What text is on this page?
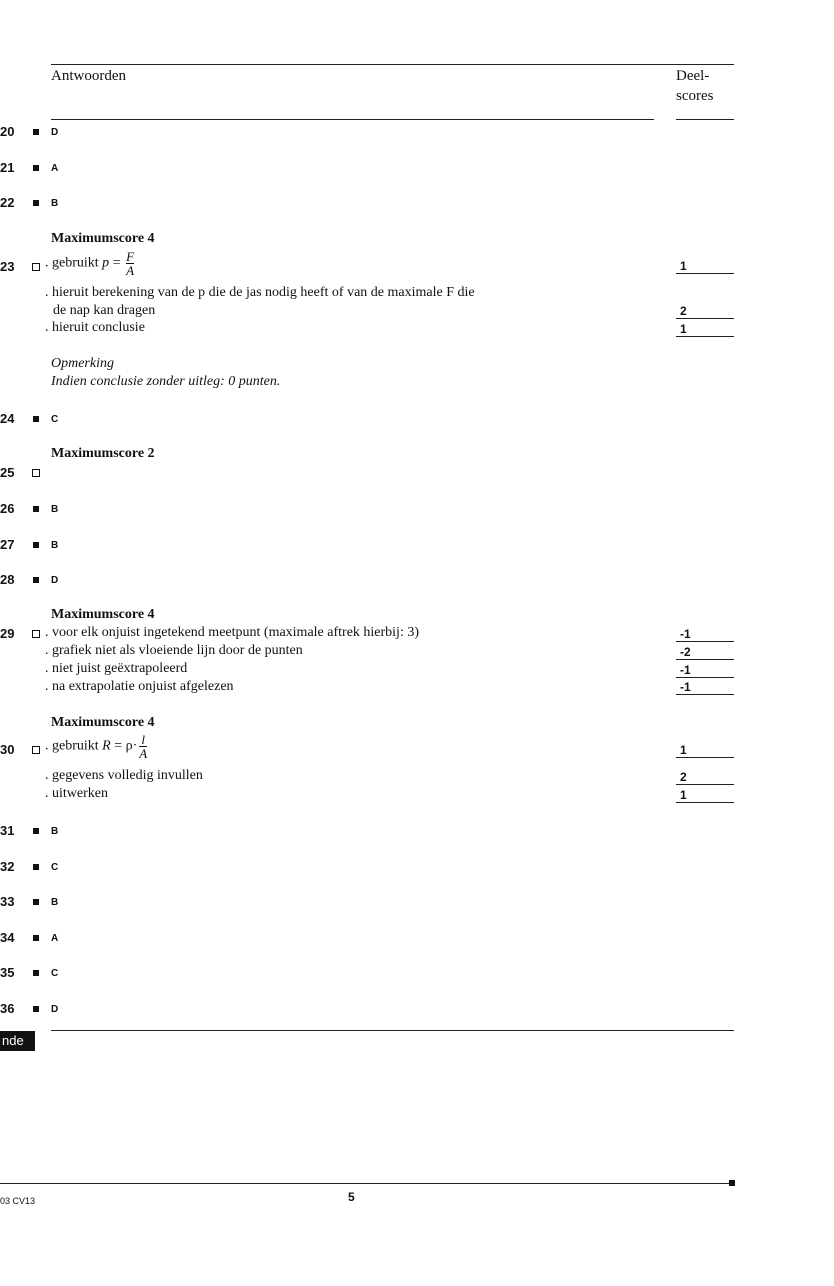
Antwoorden	Deel-
scores
20	D
21	A
22	B
Maximumscore 4
23 . gebruikt $p = \frac{F}{A}$	1
. hieruit berekening van de p die de jas nodig heeft of van de maximale F die
de nap kan dragen	2
. hieruit conclusie	1
Opmerking
Indien conclusie zonder uitleg: 0 punten.
24	C
Maximumscore 2
25
26	B
27	B
28	D
Maximumscore 4
29 . voor elk onjuist ingetekend meetpunt (maximale aftrek hierbij: 3)	-1
. grafiek niet als vloeiende lijn door de punten	-2
. niet juist geëxtrapoleerd	-1
. na extrapolatie onjuist afgelezen	-1
Maximumscore 4
30 . gebruikt $R = \rho\cdot \frac{l}{A}$	1
. gegevens volledig invullen	2
. uitwerken	1
31	B
32	C
33	B
34	A
35	C
36	D
nde
03 CV13	5
